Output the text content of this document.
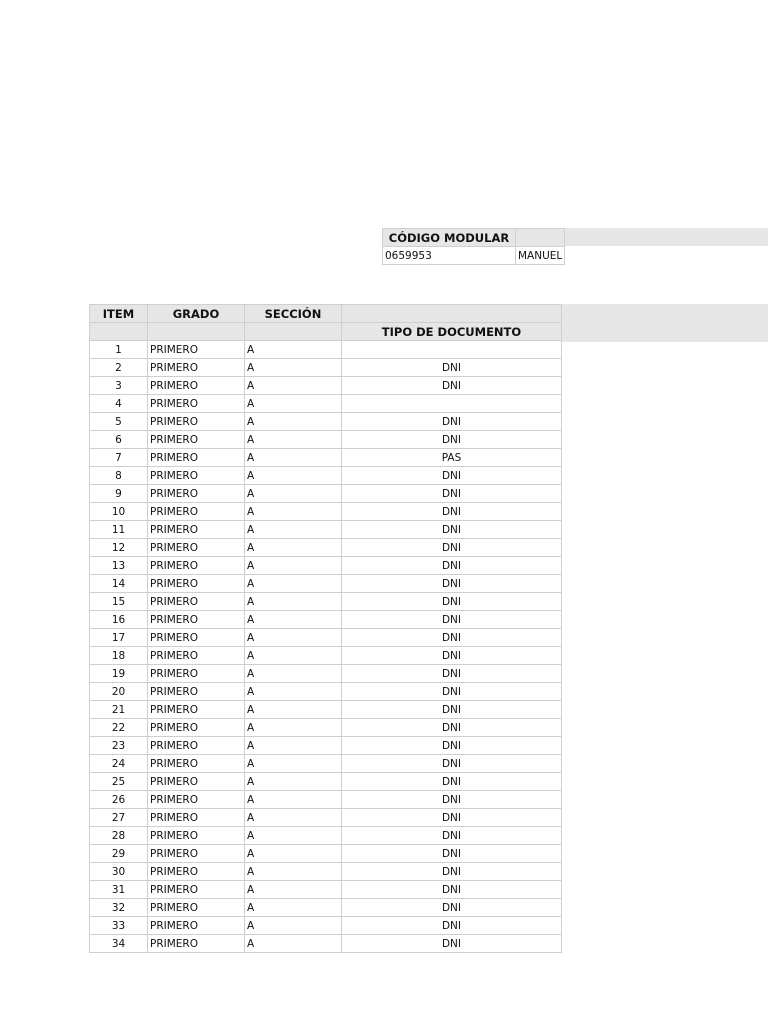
CÓDIGO MODULAR	
0659953	MANUEL
ITEM	GRADO	SECCIÓN	
			TIPO DE DOCUMENTO
1	PRIMERO	A	
2	PRIMERO	A	DNI
3	PRIMERO	A	DNI
4	PRIMERO	A	
5	PRIMERO	A	DNI
6	PRIMERO	A	DNI
7	PRIMERO	A	PAS
8	PRIMERO	A	DNI
9	PRIMERO	A	DNI
10	PRIMERO	A	DNI
11	PRIMERO	A	DNI
12	PRIMERO	A	DNI
13	PRIMERO	A	DNI
14	PRIMERO	A	DNI
15	PRIMERO	A	DNI
16	PRIMERO	A	DNI
17	PRIMERO	A	DNI
18	PRIMERO	A	DNI
19	PRIMERO	A	DNI
20	PRIMERO	A	DNI
21	PRIMERO	A	DNI
22	PRIMERO	A	DNI
23	PRIMERO	A	DNI
24	PRIMERO	A	DNI
25	PRIMERO	A	DNI
26	PRIMERO	A	DNI
27	PRIMERO	A	DNI
28	PRIMERO	A	DNI
29	PRIMERO	A	DNI
30	PRIMERO	A	DNI
31	PRIMERO	A	DNI
32	PRIMERO	A	DNI
33	PRIMERO	A	DNI
34	PRIMERO	A	DNI
